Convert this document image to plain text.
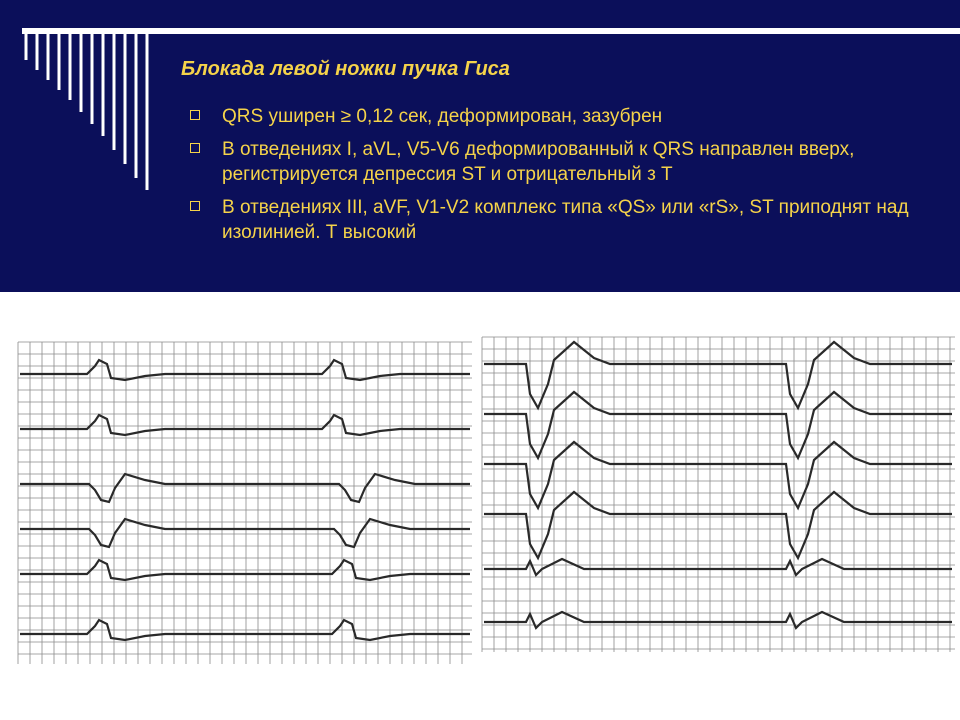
Блокада левой ножки пучка Гиса
QRS уширен ≥ 0,12 сек, деформирован, зазубрен
В отведениях I, aVL, V5-V6 деформированный к QRS направлен вверх, регистрируется депрессия ST и отрицательный з T
В отведениях III, aVF, V1-V2 комплекс типа «QS» или «rS», ST приподнят над изолинией. Т высокий
